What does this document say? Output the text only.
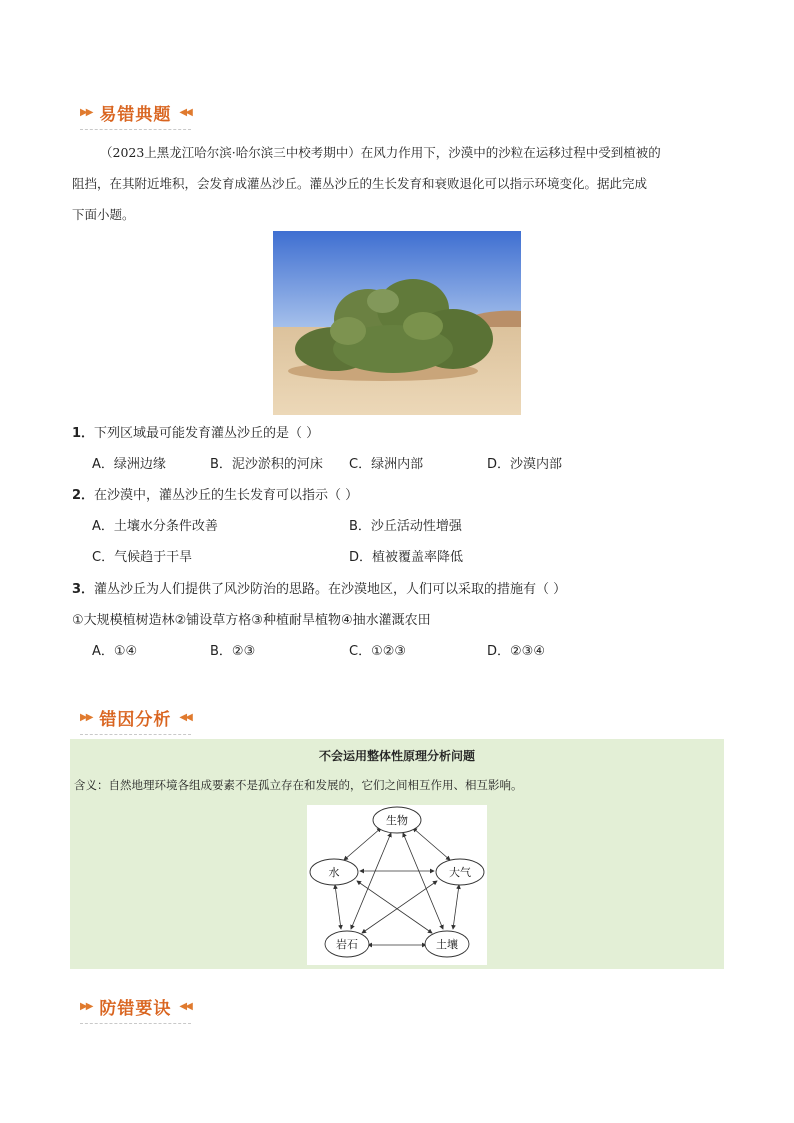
▶▶ 易错典题 ◀◀
（2023上黑龙江哈尔滨·哈尔滨三中校考期中）在风力作用下，沙漠中的沙粒在运移过程中受到植被的
阻挡，在其附近堆积，会发育成灌丛沙丘。灌丛沙丘的生长发育和衰败退化可以指示环境变化。据此完成
下面小题。
1．下列区域最可能发育灌丛沙丘的是（ ）
A．绿洲边缘	B．泥沙淤积的河床 C．绿洲内部	D．沙漠内部
2．在沙漠中，灌丛沙丘的生长发育可以指示（ ）
A．土壤水分条件改善	B．沙丘活动性增强
C．气候趋于干旱	D．植被覆盖率降低
3．灌丛沙丘为人们提供了风沙防治的思路。在沙漠地区，人们可以采取的措施有（ ）
①大规模植树造林②铺设草方格③种植耐旱植物④抽水灌溉农田
A．①④	B．②③	C．①②③	D．②③④
▶▶ 错因分析 ◀◀
不会运用整体性原理分析问题
含义：自然地理环境各组成要素不是孤立存在和发展的，它们之间相互作用、相互影响。
生物
水	大气
岩石	土壤
▶▶ 防错要诀 ◀◀
